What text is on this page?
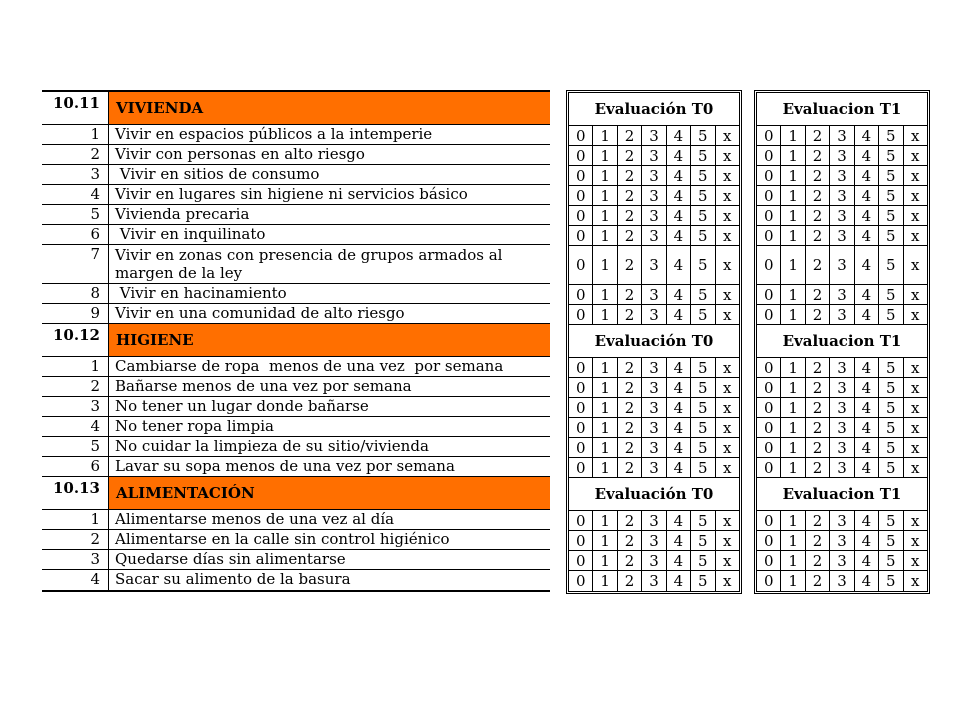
10.11	VIVIENDA
1	Vivir en espacios públicos a la intemperie
2	Vivir con personas en alto riesgo
3	Vivir en sitios de consumo
4	Vivir en lugares sin higiene ni servicios básico
5	Vivienda precaria
6	Vivir en inquilinato
7	Vivir en zonas con presencia de grupos armados al
margen de la ley
8	Vivir en hacinamiento
9	Vivir en una comunidad de alto riesgo
10.12	HIGIENE
1	Cambiarse de ropa  menos de una vez  por semana
2	Bañarse menos de una vez por semana
3	No tener un lugar donde bañarse
4	No tener ropa limpia
5	No cuidar la limpieza de su sitio/vivienda
6	Lavar su sopa menos de una vez por semana
10.13	ALIMENTACIÓN
1	Alimentarse menos de una vez al día
2	Alimentarse en la calle sin control higiénico
3	Quedarse días sin alimentarse
4	Sacar su alimento de la basura
Evaluación T0
0 1 2 3 4 5	x
0 1 2 3 4 5	x
0 1 2 3 4 5	x
0 1 2 3 4 5	x
0 1 2 3 4 5	x
0 1 2 3 4 5	x
0 1 2 3 4 5	x
0 1 2 3 4 5	x
0 1 2 3 4 5	x
Evaluación T0
0 1 2 3 4 5	x
0 1 2 3 4 5	x
0 1 2 3 4 5	x
0 1 2 3 4 5	x
0 1 2 3 4 5	x
0 1 2 3 4 5	x
Evaluación T0
0 1 2 3 4 5	x
0 1 2 3 4 5	x
0 1 2 3 4 5	x
0 1 2 3 4 5	x
Evaluacion T1
0 1 2 3 4 5	x
0 1 2 3 4 5	x
0 1 2 3 4 5	x
0 1 2 3 4 5	x
0 1 2 3 4 5	x
0 1 2 3 4 5	x
0 1 2 3 4 5	x
0 1 2 3 4 5	x
0 1 2 3 4 5	x
Evaluacion T1
0 1 2 3 4 5	x
0 1 2 3 4 5	x
0 1 2 3 4 5	x
0 1 2 3 4 5	x
0 1 2 3 4 5	x
0 1 2 3 4 5	x
Evaluacion T1
0 1 2 3 4 5	x
0 1 2 3 4 5	x
0 1 2 3 4 5	x
0 1 2 3 4 5	x
